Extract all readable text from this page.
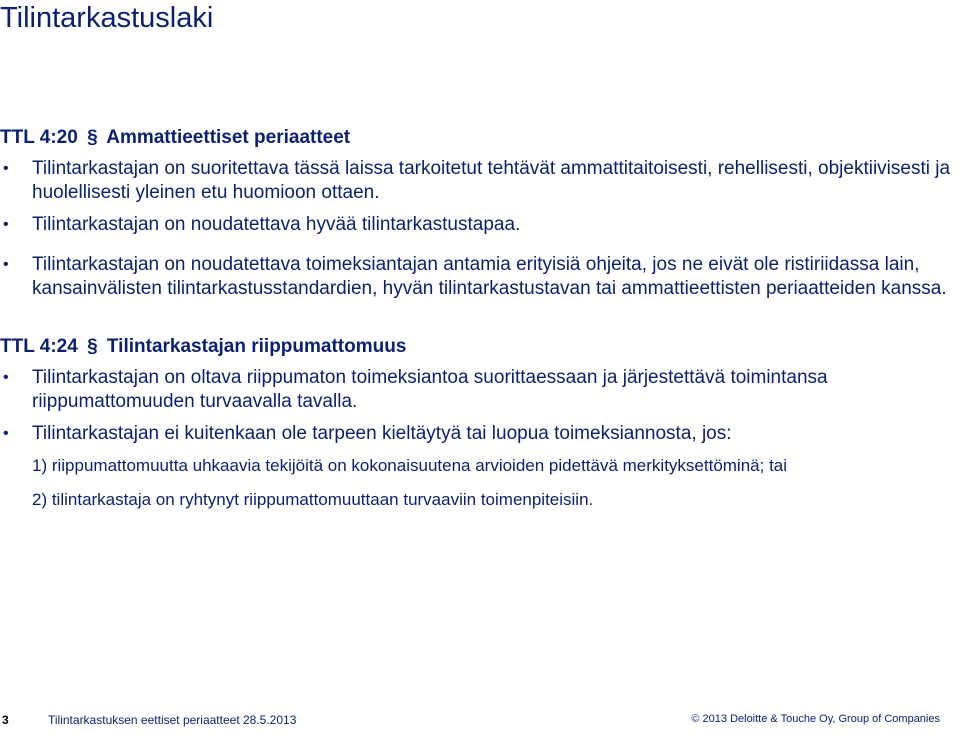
Tilintarkastuslaki
TTL 4:20 § Ammattieettiset periaatteet
• Tilintarkastajan on suoritettava tässä laissa tarkoitetut tehtävät ammattitaitoisesti, rehellisesti, objektiivisesti ja huolellisesti yleinen etu huomioon ottaen.
• Tilintarkastajan on noudatettava hyvää tilintarkastustapaa.
• Tilintarkastajan on noudatettava toimeksiantajan antamia erityisiä ohjeita, jos ne eivät ole ristiriidassa lain, kansainvälisten tilintarkastusstandardien, hyvän tilintarkastustavan tai ammattieettisten periaatteiden kanssa.
TTL 4:24 § Tilintarkastajan riippumattomuus
• Tilintarkastajan on oltava riippumaton toimeksiantoa suorittaessaan ja järjestettävä toimintansa riippumattomuuden turvaavalla tavalla.
• Tilintarkastajan ei kuitenkaan ole tarpeen kieltäytyä tai luopua toimeksiannosta, jos:
1) riippumattomuutta uhkaavia tekijöitä on kokonaisuutena arvioiden pidettävä merkityksettöminä; tai
2) tilintarkastaja on ryhtynyt riippumattomuuttaan turvaaviin toimenpiteisiin.
3	Tilintarkastuksen eettiset periaatteet 28.5.2013	© 2013 Deloitte & Touche Oy, Group of Companies
